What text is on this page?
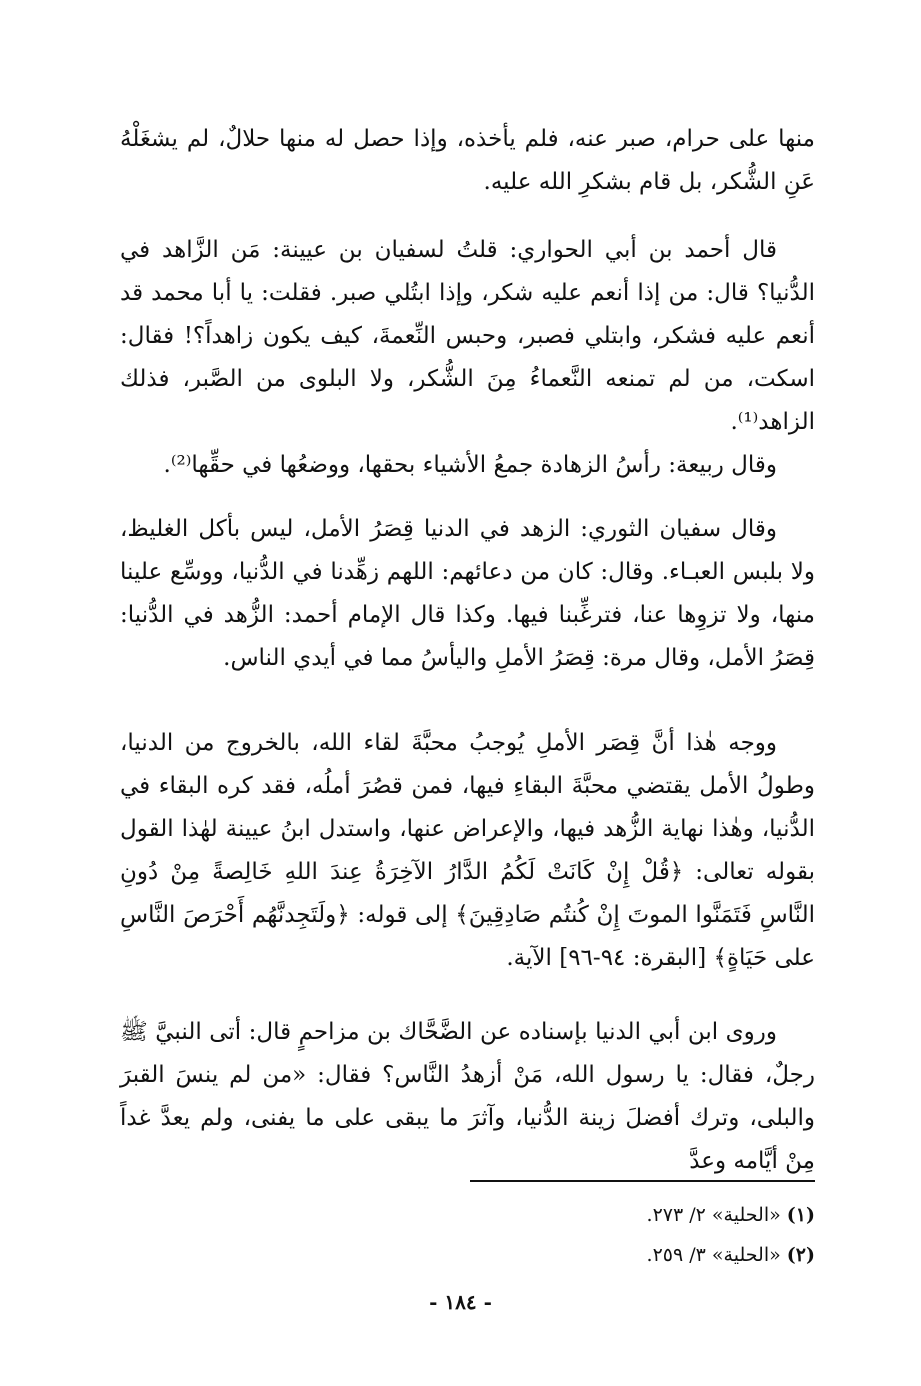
منها على حرام، صبر عنه، فلم يأخذه، وإذا حصل له منها حلالٌ، لم يشغَلْهُ عَنِ الشُّكر، بل قام بشكرِ الله عليه.

قال أحمد بن أبي الحواري: قلتُ لسفيان بن عيينة: مَن الزَّاهد في الدُّنيا؟ قال: من إذا أنعم عليه شكر، وإذا ابتُلي صبر. فقلت: يا أبا محمد قد أنعم عليه فشكر، وابتلي فصبر، وحبس النِّعمةَ، كيف يكون زاهداً؟! فقال: اسكت، من لم تمنعه النَّعماءُ مِنَ الشُّكر، ولا البلوى من الصَّبر، فذلك الزاهد⁽¹⁾.

وقال ربيعة: رأسُ الزهادة جمعُ الأشياء بحقها، ووضعُها في حقِّها⁽²⁾.

وقال سفيان الثوري: الزهد في الدنيا قِصَرُ الأمل، ليس بأكل الغليظ، ولا بلبس العبـاء. وقال: كان من دعائهم: اللهم زهِّدنا في الدُّنيا، ووسِّع علينا منها، ولا تزوِها عنا، فترغِّبنا فيها. وكذا قال الإمام أحمد: الزُّهد في الدُّنيا: قِصَرُ الأمل، وقال مرة: قِصَرُ الأملِ واليأسُ مما في أيدي الناس.

ووجه هٰذا أنَّ قِصَر الأملِ يُوجبُ محبَّةَ لقاء الله، بالخروج من الدنيا، وطولُ الأمل يقتضي محبَّةَ البقاءِ فيها، فمن قصُرَ أملُه، فقد كره البقاء في الدُّنيا، وهٰذا نهاية الزُّهد فيها، والإعراض عنها، واستدل ابنُ عيينة لهٰذا القول بقوله تعالى: ﴿قُلْ إِنْ كَانَتْ لَكُمُ الدَّارُ الآخِرَةُ عِندَ اللهِ خَالِصةً مِنْ دُونِ النَّاسِ فَتَمَنَّوا الموتَ إِنْ كُنتُم صَادِقِينَ﴾ إلى قوله: ﴿ولَتَجِدنَّهُم أَحْرَصَ النَّاسِ على حَيَاةٍ﴾ [البقرة: ٩٤-٩٦] الآية.

وروى ابن أبي الدنيا بإسناده عن الضَّحَّاك بن مزاحمٍ قال: أتى النبيَّ ﷺ رجلٌ، فقال: يا رسول الله، مَنْ أزهدُ النَّاس؟ فقال: «من لم ينسَ القبرَ والبلى، وترك أفضلَ زينة الدُّنيا، وآثرَ ما يبقى على ما يفنى، ولم يعدَّ غداً مِنْ أيَّامه وعدَّ

(١) «الحلية» ٢/ ٢٧٣.
(٢) «الحلية» ٣/ ٢٥٩.
- ١٨٤ -
